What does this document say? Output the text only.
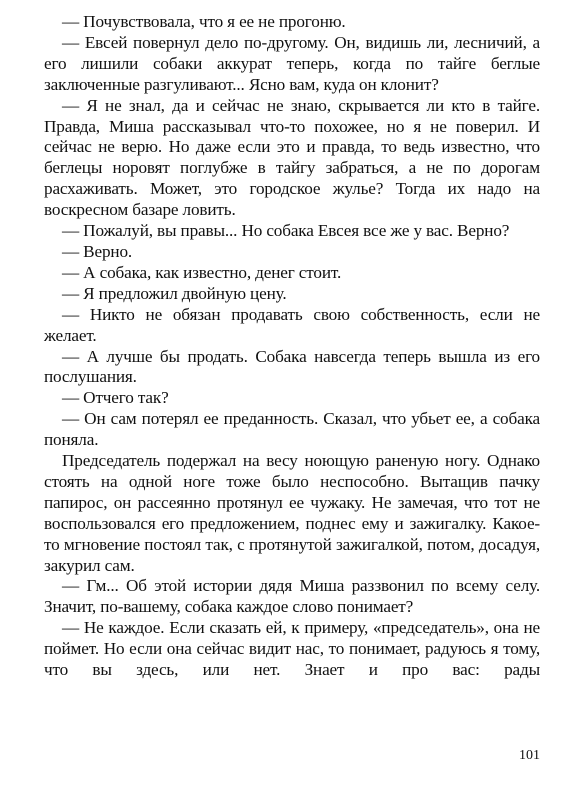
— Почувствовала, что я ее не прогоню.

— Евсей повернул дело по-другому. Он, видишь ли, лесничий, а его лишили собаки аккурат теперь, когда по тайге беглые заключенные разгуливают... Ясно вам, куда он клонит?

— Я не знал, да и сейчас не знаю, скрывается ли кто в тайге. Правда, Миша рассказывал что-то похожее, но я не поверил. И сейчас не верю. Но даже если это и правда, то ведь известно, что беглецы норовят поглубже в тайгу забраться, а не по дорогам расхаживать. Может, это городское жулье? Тогда их надо на воскресном базаре ловить.

— Пожалуй, вы правы... Но собака Евсея все же у вас. Верно?

— Верно.

— А собака, как известно, денег стоит.

— Я предложил двойную цену.

— Никто не обязан продавать свою собственность, если не желает.

— А лучше бы продать. Собака навсегда теперь вышла из его послушания.

— Отчего так?

— Он сам потерял ее преданность. Сказал, что убьет ее, а собака поняла.

Председатель подержал на весу ноющую раненую ногу. Однако стоять на одной ноге тоже было неспособно. Вытащив пачку папирос, он рассеянно протянул ее чужаку. Не замечая, что тот не воспользовался его предложением, поднес ему и зажигалку. Какое-то мгновение постоял так, с протянутой зажигалкой, потом, досадуя, закурил сам.

— Гм... Об этой истории дядя Миша раззвонил по всему селу. Значит, по-вашему, собака каждое слово понимает?

— Не каждое. Если сказать ей, к примеру, «председатель», она не поймет. Но если она сейчас видит нас, то понимает, радуюсь я тому, что вы здесь, или нет. Знает и про вас: рады

101
